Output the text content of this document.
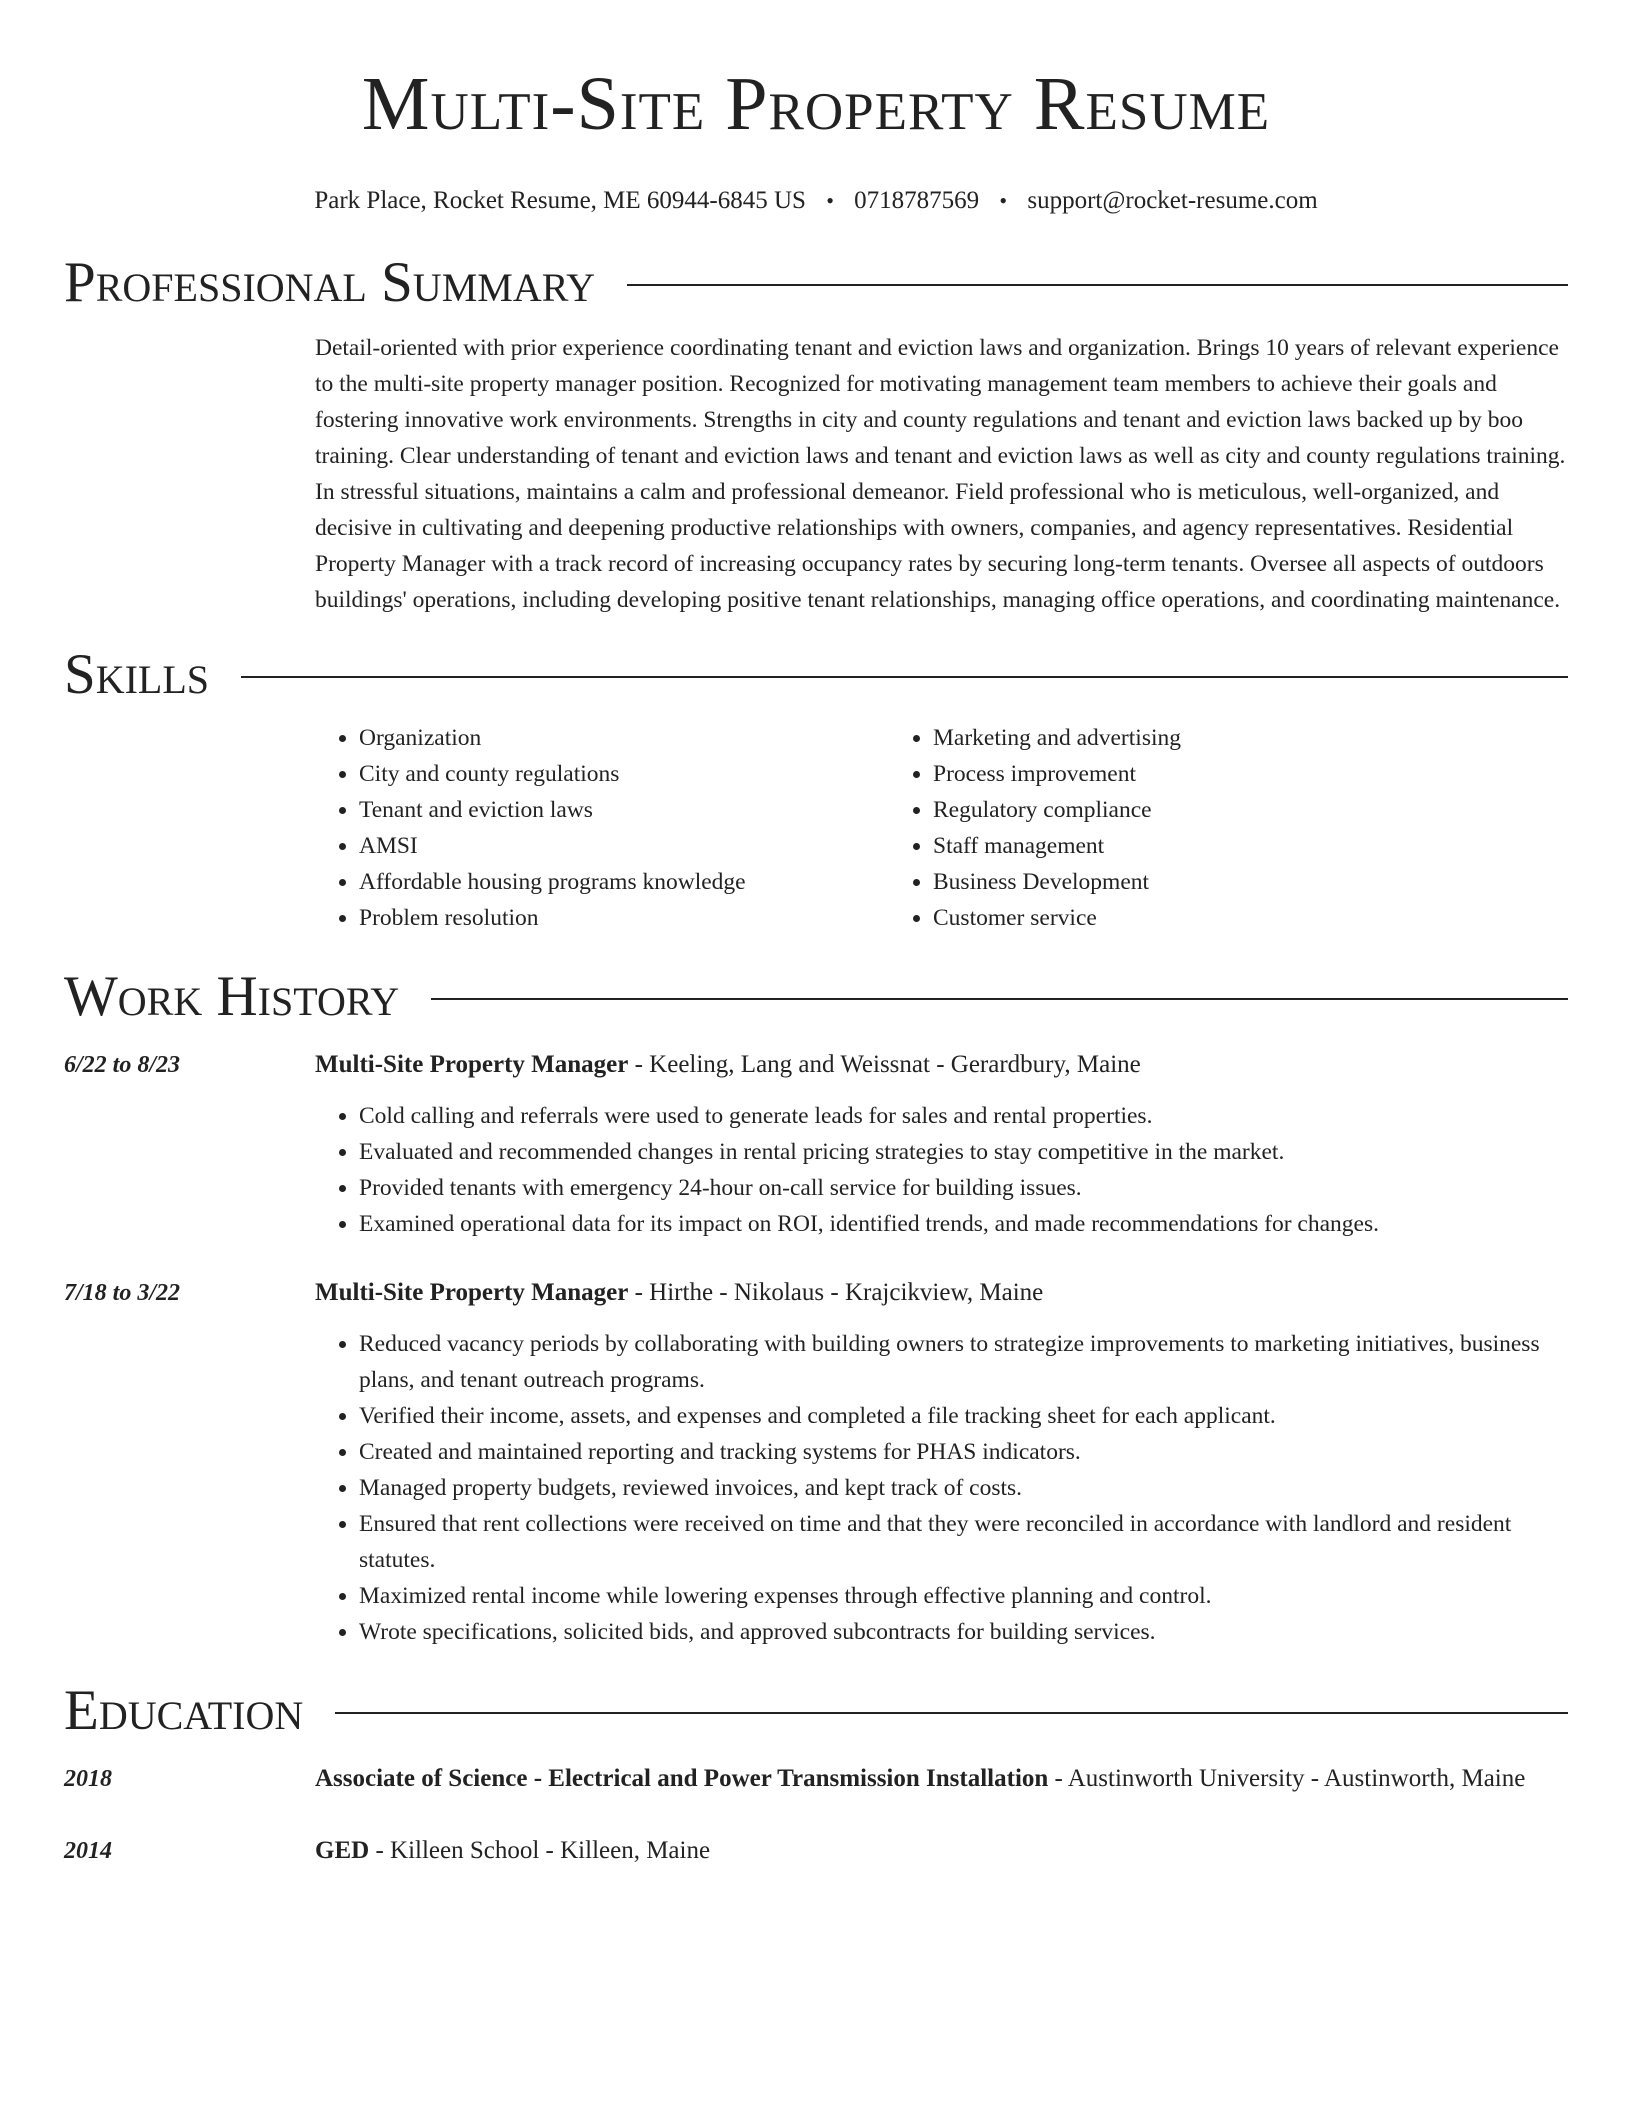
Multi-Site Property Resume
Park Place, Rocket Resume, ME 60944-6845 US • 0718787569 • support@rocket-resume.com
Professional Summary
Detail-oriented with prior experience coordinating tenant and eviction laws and organization. Brings 10 years of relevant experience to the multi-site property manager position. Recognized for motivating management team members to achieve their goals and fostering innovative work environments. Strengths in city and county regulations and tenant and eviction laws backed up by boo training. Clear understanding of tenant and eviction laws and tenant and eviction laws as well as city and county regulations training. In stressful situations, maintains a calm and professional demeanor. Field professional who is meticulous, well-organized, and decisive in cultivating and deepening productive relationships with owners, companies, and agency representatives. Residential Property Manager with a track record of increasing occupancy rates by securing long-term tenants. Oversee all aspects of outdoors buildings' operations, including developing positive tenant relationships, managing office operations, and coordinating maintenance.
Skills
• Organization
• City and county regulations
• Tenant and eviction laws
• AMSI
• Affordable housing programs knowledge
• Problem resolution
• Marketing and advertising
• Process improvement
• Regulatory compliance
• Staff management
• Business Development
• Customer service
Work History
6/22 to 8/23	Multi-Site Property Manager - Keeling, Lang and Weissnat - Gerardbury, Maine
• Cold calling and referrals were used to generate leads for sales and rental properties.
• Evaluated and recommended changes in rental pricing strategies to stay competitive in the market.
• Provided tenants with emergency 24-hour on-call service for building issues.
• Examined operational data for its impact on ROI, identified trends, and made recommendations for changes.
7/18 to 3/22	Multi-Site Property Manager - Hirthe - Nikolaus - Krajcikview, Maine
• Reduced vacancy periods by collaborating with building owners to strategize improvements to marketing initiatives, business plans, and tenant outreach programs.
• Verified their income, assets, and expenses and completed a file tracking sheet for each applicant.
• Created and maintained reporting and tracking systems for PHAS indicators.
• Managed property budgets, reviewed invoices, and kept track of costs.
• Ensured that rent collections were received on time and that they were reconciled in accordance with landlord and resident statutes.
• Maximized rental income while lowering expenses through effective planning and control.
• Wrote specifications, solicited bids, and approved subcontracts for building services.
Education
2018	Associate of Science - Electrical and Power Transmission Installation - Austinworth University - Austinworth, Maine
2014	GED - Killeen School - Killeen, Maine
